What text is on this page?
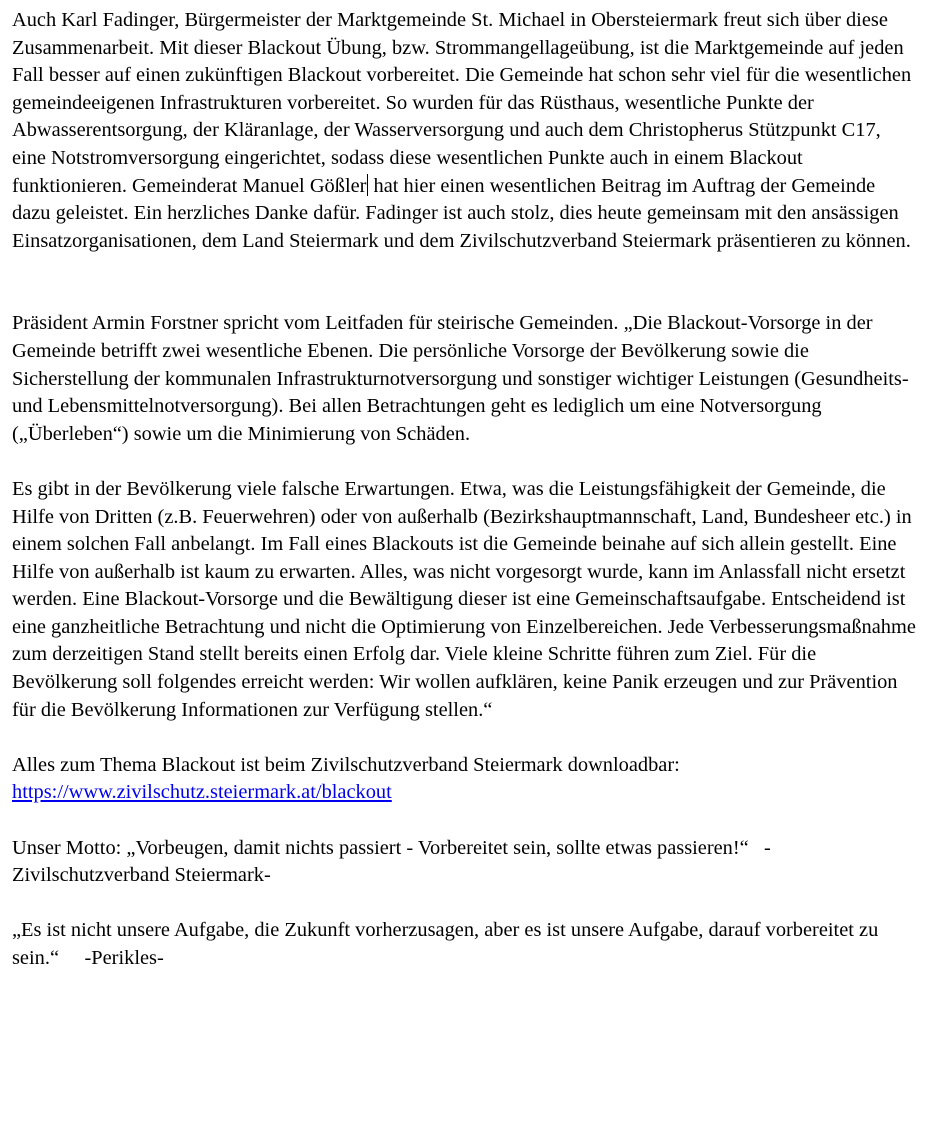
Auch Karl Fadinger, Bürgermeister der Marktgemeinde St. Michael in Obersteiermark freut sich über diese Zusammenarbeit. Mit dieser Blackout Übung, bzw. Strommangellageübung, ist die Marktgemeinde auf jeden Fall besser auf einen zukünftigen Blackout vorbereitet. Die Gemeinde hat schon sehr viel für die wesentlichen gemeindeeigenen Infrastrukturen vorbereitet. So wurden für das Rüsthaus, wesentliche Punkte der Abwasserentsorgung, der Kläranlage, der Wasserversorgung und auch dem Christopherus Stützpunkt C17, eine Notstromversorgung eingerichtet, sodass diese wesentlichen Punkte auch in einem Blackout funktionieren. Gemeinderat Manuel Gößler hat hier einen wesentlichen Beitrag im Auftrag der Gemeinde dazu geleistet. Ein herzliches Danke dafür. Fadinger ist auch stolz, dies heute gemeinsam mit den ansässigen Einsatzorganisationen, dem Land Steiermark und dem Zivilschutzverband Steiermark präsentieren zu können.

Präsident Armin Forstner spricht vom Leitfaden für steirische Gemeinden. „Die Blackout-Vorsorge in der Gemeinde betrifft zwei wesentliche Ebenen. Die persönliche Vorsorge der Bevölkerung sowie die Sicherstellung der kommunalen Infrastrukturnotversorgung und sonstiger wichtiger Leistungen (Gesundheits- und Lebensmittelnotversorgung). Bei allen Betrachtungen geht es lediglich um eine Notversorgung („Überleben“) sowie um die Minimierung von Schäden.

Es gibt in der Bevölkerung viele falsche Erwartungen. Etwa, was die Leistungsfähigkeit der Gemeinde, die Hilfe von Dritten (z.B. Feuerwehren) oder von außerhalb (Bezirkshauptmannschaft, Land, Bundesheer etc.) in einem solchen Fall anbelangt. Im Fall eines Blackouts ist die Gemeinde beinahe auf sich allein gestellt. Eine Hilfe von außerhalb ist kaum zu erwarten. Alles, was nicht vorgesorgt wurde, kann im Anlassfall nicht ersetzt werden. Eine Blackout-Vorsorge und die Bewältigung dieser ist eine Gemeinschaftsaufgabe. Entscheidend ist eine ganzheitliche Betrachtung und nicht die Optimierung von Einzelbereichen. Jede Verbesserungsmaßnahme zum derzeitigen Stand stellt bereits einen Erfolg dar. Viele kleine Schritte führen zum Ziel. Für die Bevölkerung soll folgendes erreicht werden: Wir wollen aufklären, keine Panik erzeugen und zur Prävention für die Bevölkerung Informationen zur Verfügung stellen.“

Alles zum Thema Blackout ist beim Zivilschutzverband Steiermark downloadbar:
https://www.zivilschutz.steiermark.at/blackout

Unser Motto: „Vorbeugen, damit nichts passiert - Vorbereitet sein, sollte etwas passieren!“ - Zivilschutzverband Steiermark-

„Es ist nicht unsere Aufgabe, die Zukunft vorherzusagen, aber es ist unsere Aufgabe, darauf vorbereitet zu sein.“ -Perikles-
